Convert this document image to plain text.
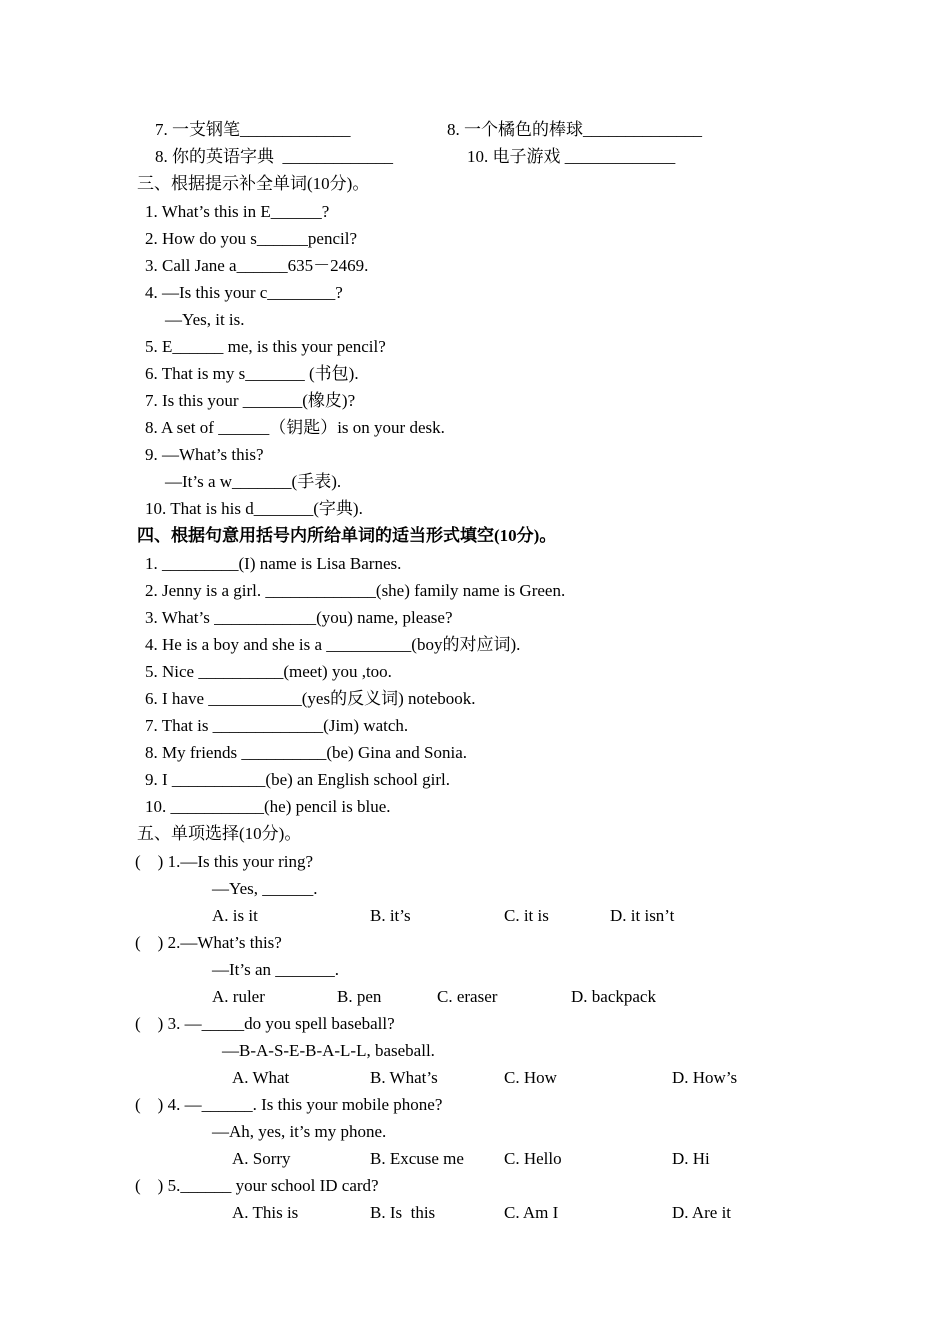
7. 一支钢笔_____________	8. 一个橘色的棒球______________
8. 你的英语字典  _____________	10. 电子游戏 _____________
三、根据提示补全单词(10分)。
1. What’s this in E______?
2. How do you s______pencil?
3. Call Jane a______635－2469.
4. —Is this your c________?
—Yes, it is.
5. E______ me, is this your pencil?
6. That is my s_______ (书包).
7. Is this your _______(橡皮)?
8. A set of ______（钥匙）is on your desk.
9. —What’s this?
—It’s a w_______(手表).
10. That is his d_______(字典).
四、根据句意用括号内所给单词的适当形式填空(10分)。
1. _________(I) name is Lisa Barnes.
2. Jenny is a girl. _____________(she) family name is Green.
3. What’s ____________(you) name, please?
4. He is a boy and she is a __________(boy的对应词).
5. Nice __________(meet) you ,too.
6. I have ___________(yes的反义词) notebook.
7. That is _____________(Jim) watch.
8. My friends __________(be) Gina and Sonia.
9. I ___________(be) an English school girl.
10. ___________(he) pencil is blue.
五、单项选择(10分)。
(    ) 1.—Is this your ring?
—Yes, ______.
A. is it	B. it’s	C. it is	D. it isn’t
(    ) 2.—What’s this?
—It’s an _______.
A. ruler	B. pen	C. eraser	D. backpack
(    ) 3. —_____do you spell baseball?
—B-A-S-E-B-A-L-L, baseball.
A. What	B. What’s	C. How	D. How’s
(    ) 4. —______. Is this your mobile phone?
—Ah, yes, it’s my phone.
A. Sorry	B. Excuse me C. Hello	D. Hi
(    ) 5.______ your school ID card?
A. This is	B. Is  this	C. Am I	D. Are it
